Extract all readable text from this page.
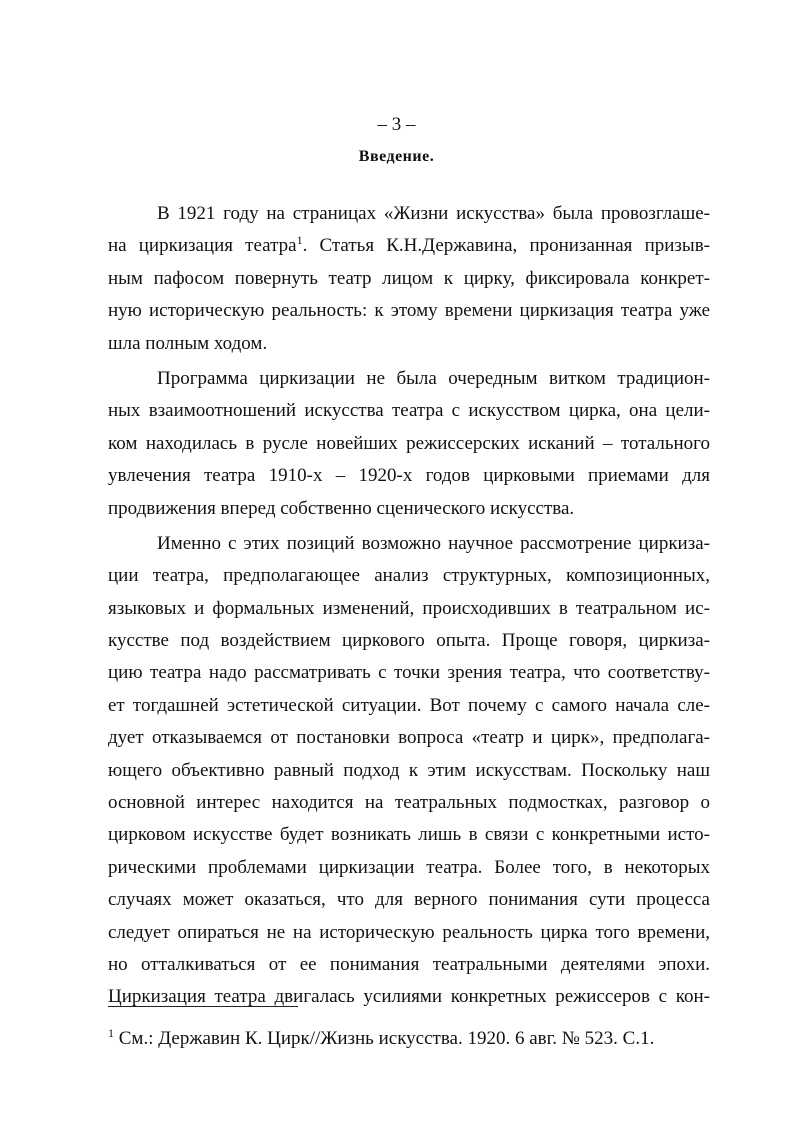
– 3 –
Введение.
В 1921 году на страницах «Жизни искусства» была провозглаше-
на циркизация театра$^1$. Статья К.Н.Державина, пронизанная призыв-
ным пафосом повернуть театр лицом к цирку, фиксировала конкрет-
ную историческую реальность: к этому времени циркизация театра уже
шла полным ходом.
Программа циркизации не была очередным витком традицион-
ных взаимоотношений искусства театра с искусством цирка, она цели-
ком находилась в русле новейших режиссерских исканий – тотального
увлечения театра 1910-х – 1920-х годов цирковыми приемами для
продвижения вперед собственно сценического искусства.
Именно с этих позиций возможно научное рассмотрение циркиза-
ции театра, предполагающее анализ структурных, композиционных,
языковых и формальных изменений, происходивших в театральном ис-
кусстве под воздействием циркового опыта. Проще говоря, циркиза-
цию театра надо рассматривать с точки зрения театра, что соответству-
ет тогдашней эстетической ситуации. Вот почему с самого начала сле-
дует отказываемся от постановки вопроса «театр и цирк», предполага-
ющего объективно равный подход к этим искусствам. Поскольку наш
основной интерес находится на театральных подмостках, разговор о
цирковом искусстве будет возникать лишь в связи с конкретными исто-
рическими проблемами циркизации театра. Более того, в некоторых
случаях может оказаться, что для верного понимания сути процесса
следует опираться не на историческую реальность цирка того времени,
но отталкиваться от ее понимания театральными деятелями эпохи.
Циркизация театра двигалась усилиями конкретных режиссеров с кон-
$^1$ См.: Державин К. Цирк//Жизнь искусства. 1920. 6 авг. № 523. С.1.
